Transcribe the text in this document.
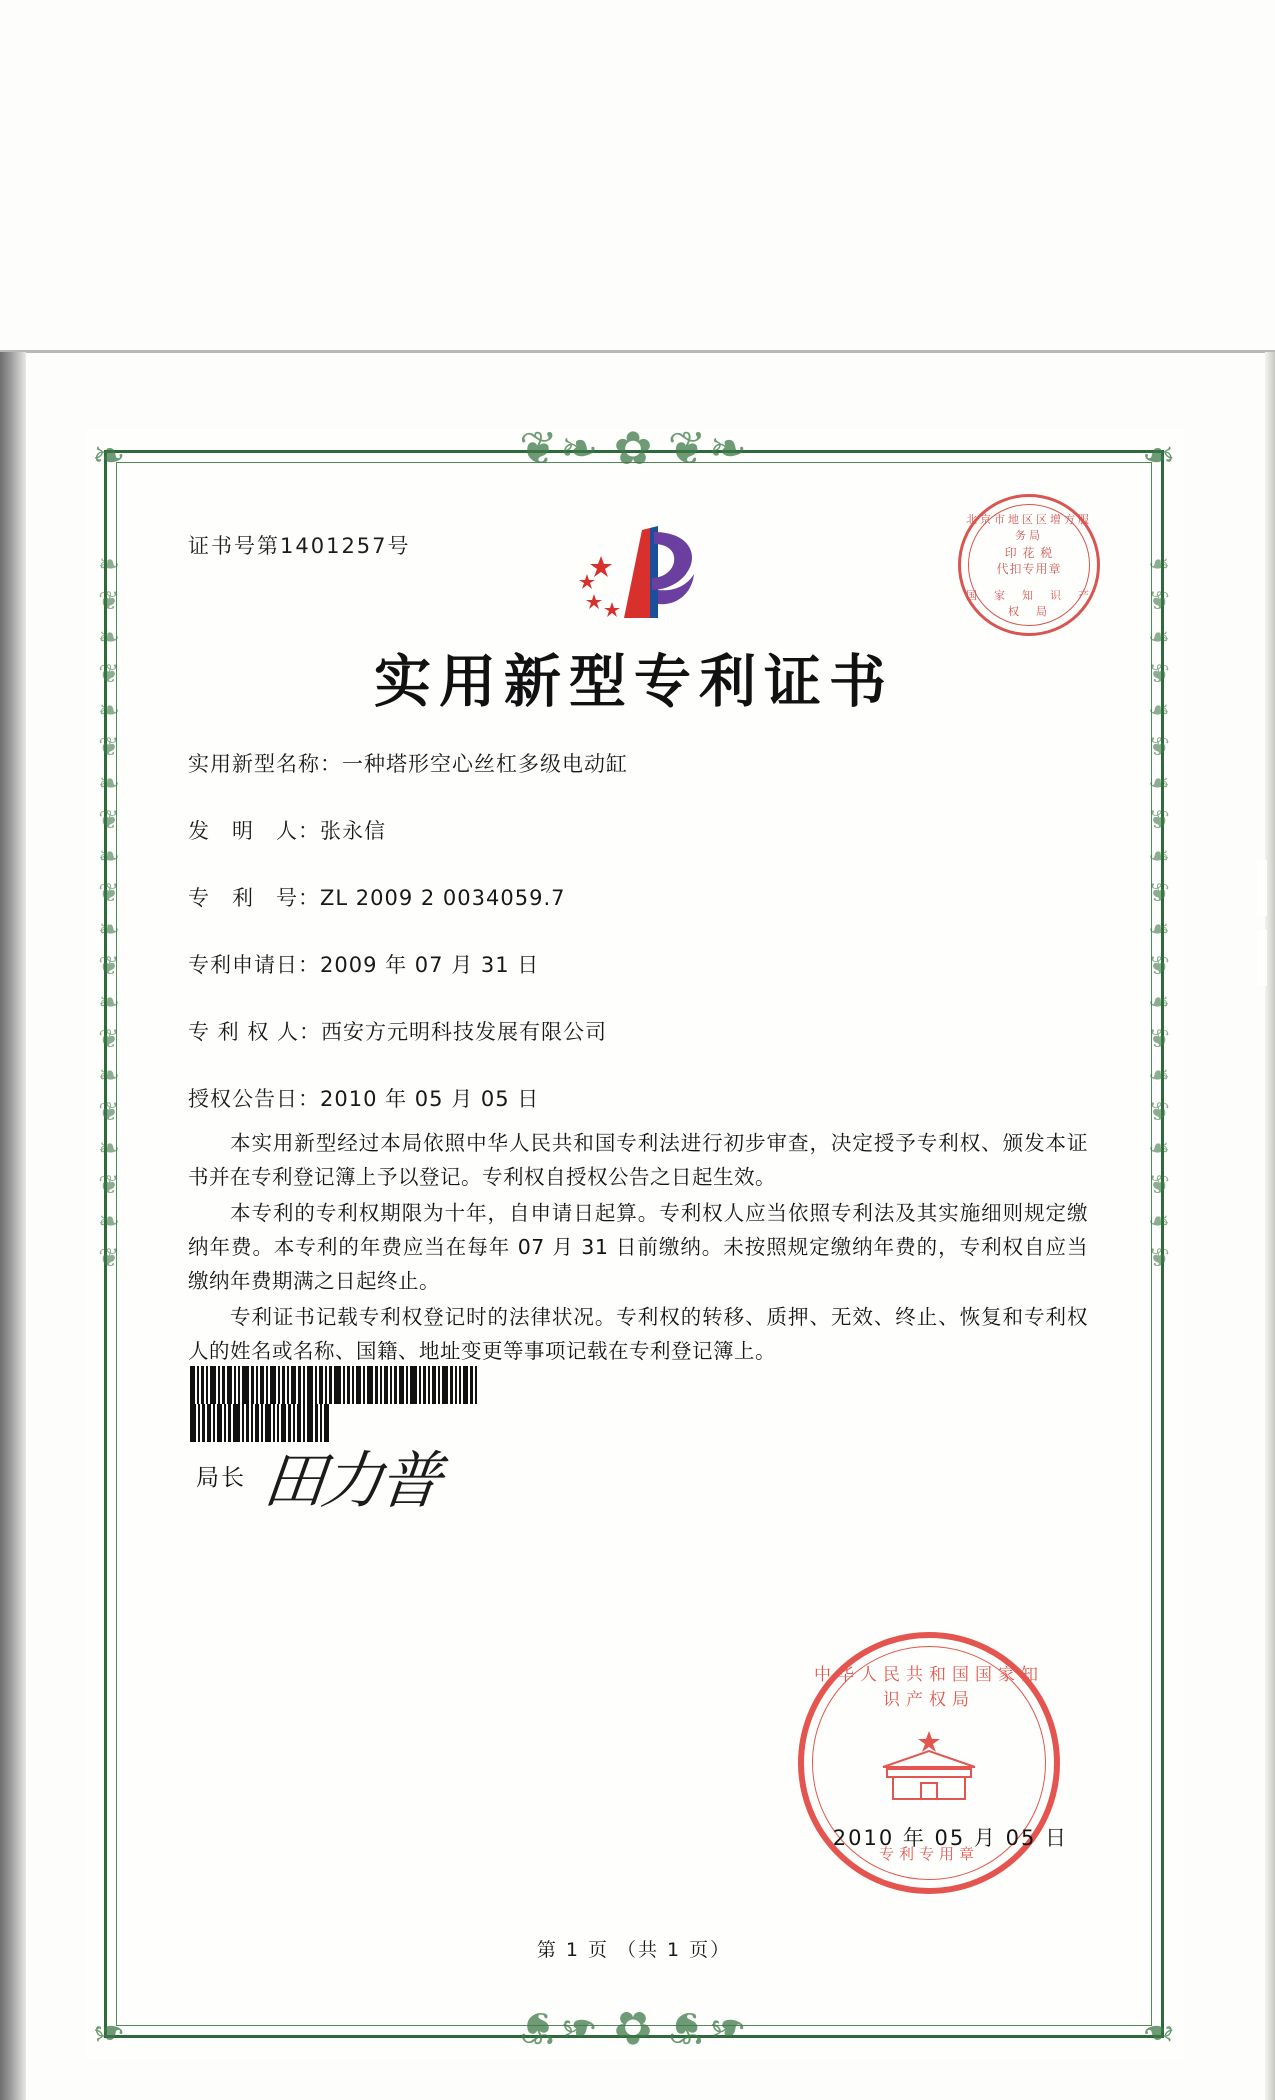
❦❧ ✿ ❦❧
❦❧ ✿ ❦❧
❧	❧
❧	❧
❧ ❦ ❧ ❦ ❧ ❦ ❧ ❦ ❧ ❦ ❧ ❦ ❧ ❦ ❧ ❦ ❧ ❦ ❧ ❦	❧ ❦ ❧ ❦ ❧ ❦ ❧ ❦ ❧ ❦ ❧ ❦ ❧ ❦ ❧ ❦ ❧ ❦ ❧ ❦
证书号第1401257号
北京市地区区增方服务局
印 花 税
代扣专用章
国　家　知　识　产　权　局
实用新型专利证书
实用新型名称：一种塔形空心丝杠多级电动缸
发　明　人：张永信
专　利　号：ZL 2009 2 0034059.7
专利申请日：2009 年 07 月 31 日
专 利 权 人：西安方元明科技发展有限公司
授权公告日：2010 年 05 月 05 日

本实用新型经过本局依照中华人民共和国专利法进行初步审查，决定授予专利权、颁发本证书并在专利登记簿上予以登记。专利权自授权公告之日起生效。

本专利的专利权期限为十年，自申请日起算。专利权人应当依照专利法及其实施细则规定缴纳年费。本专利的年费应当在每年 07 月 31 日前缴纳。未按照规定缴纳年费的，专利权自应当缴纳年费期满之日起终止。

专利证书记载专利权登记时的法律状况。专利权的转移、质押、无效、终止、恢复和专利权人的姓名或名称、国籍、地址变更等事项记载在专利登记簿上。

局长 田力普
中华人民共和国国家知识产权局
专利专用章
2010 年 05 月 05 日
第 1 页 （共 1 页）
